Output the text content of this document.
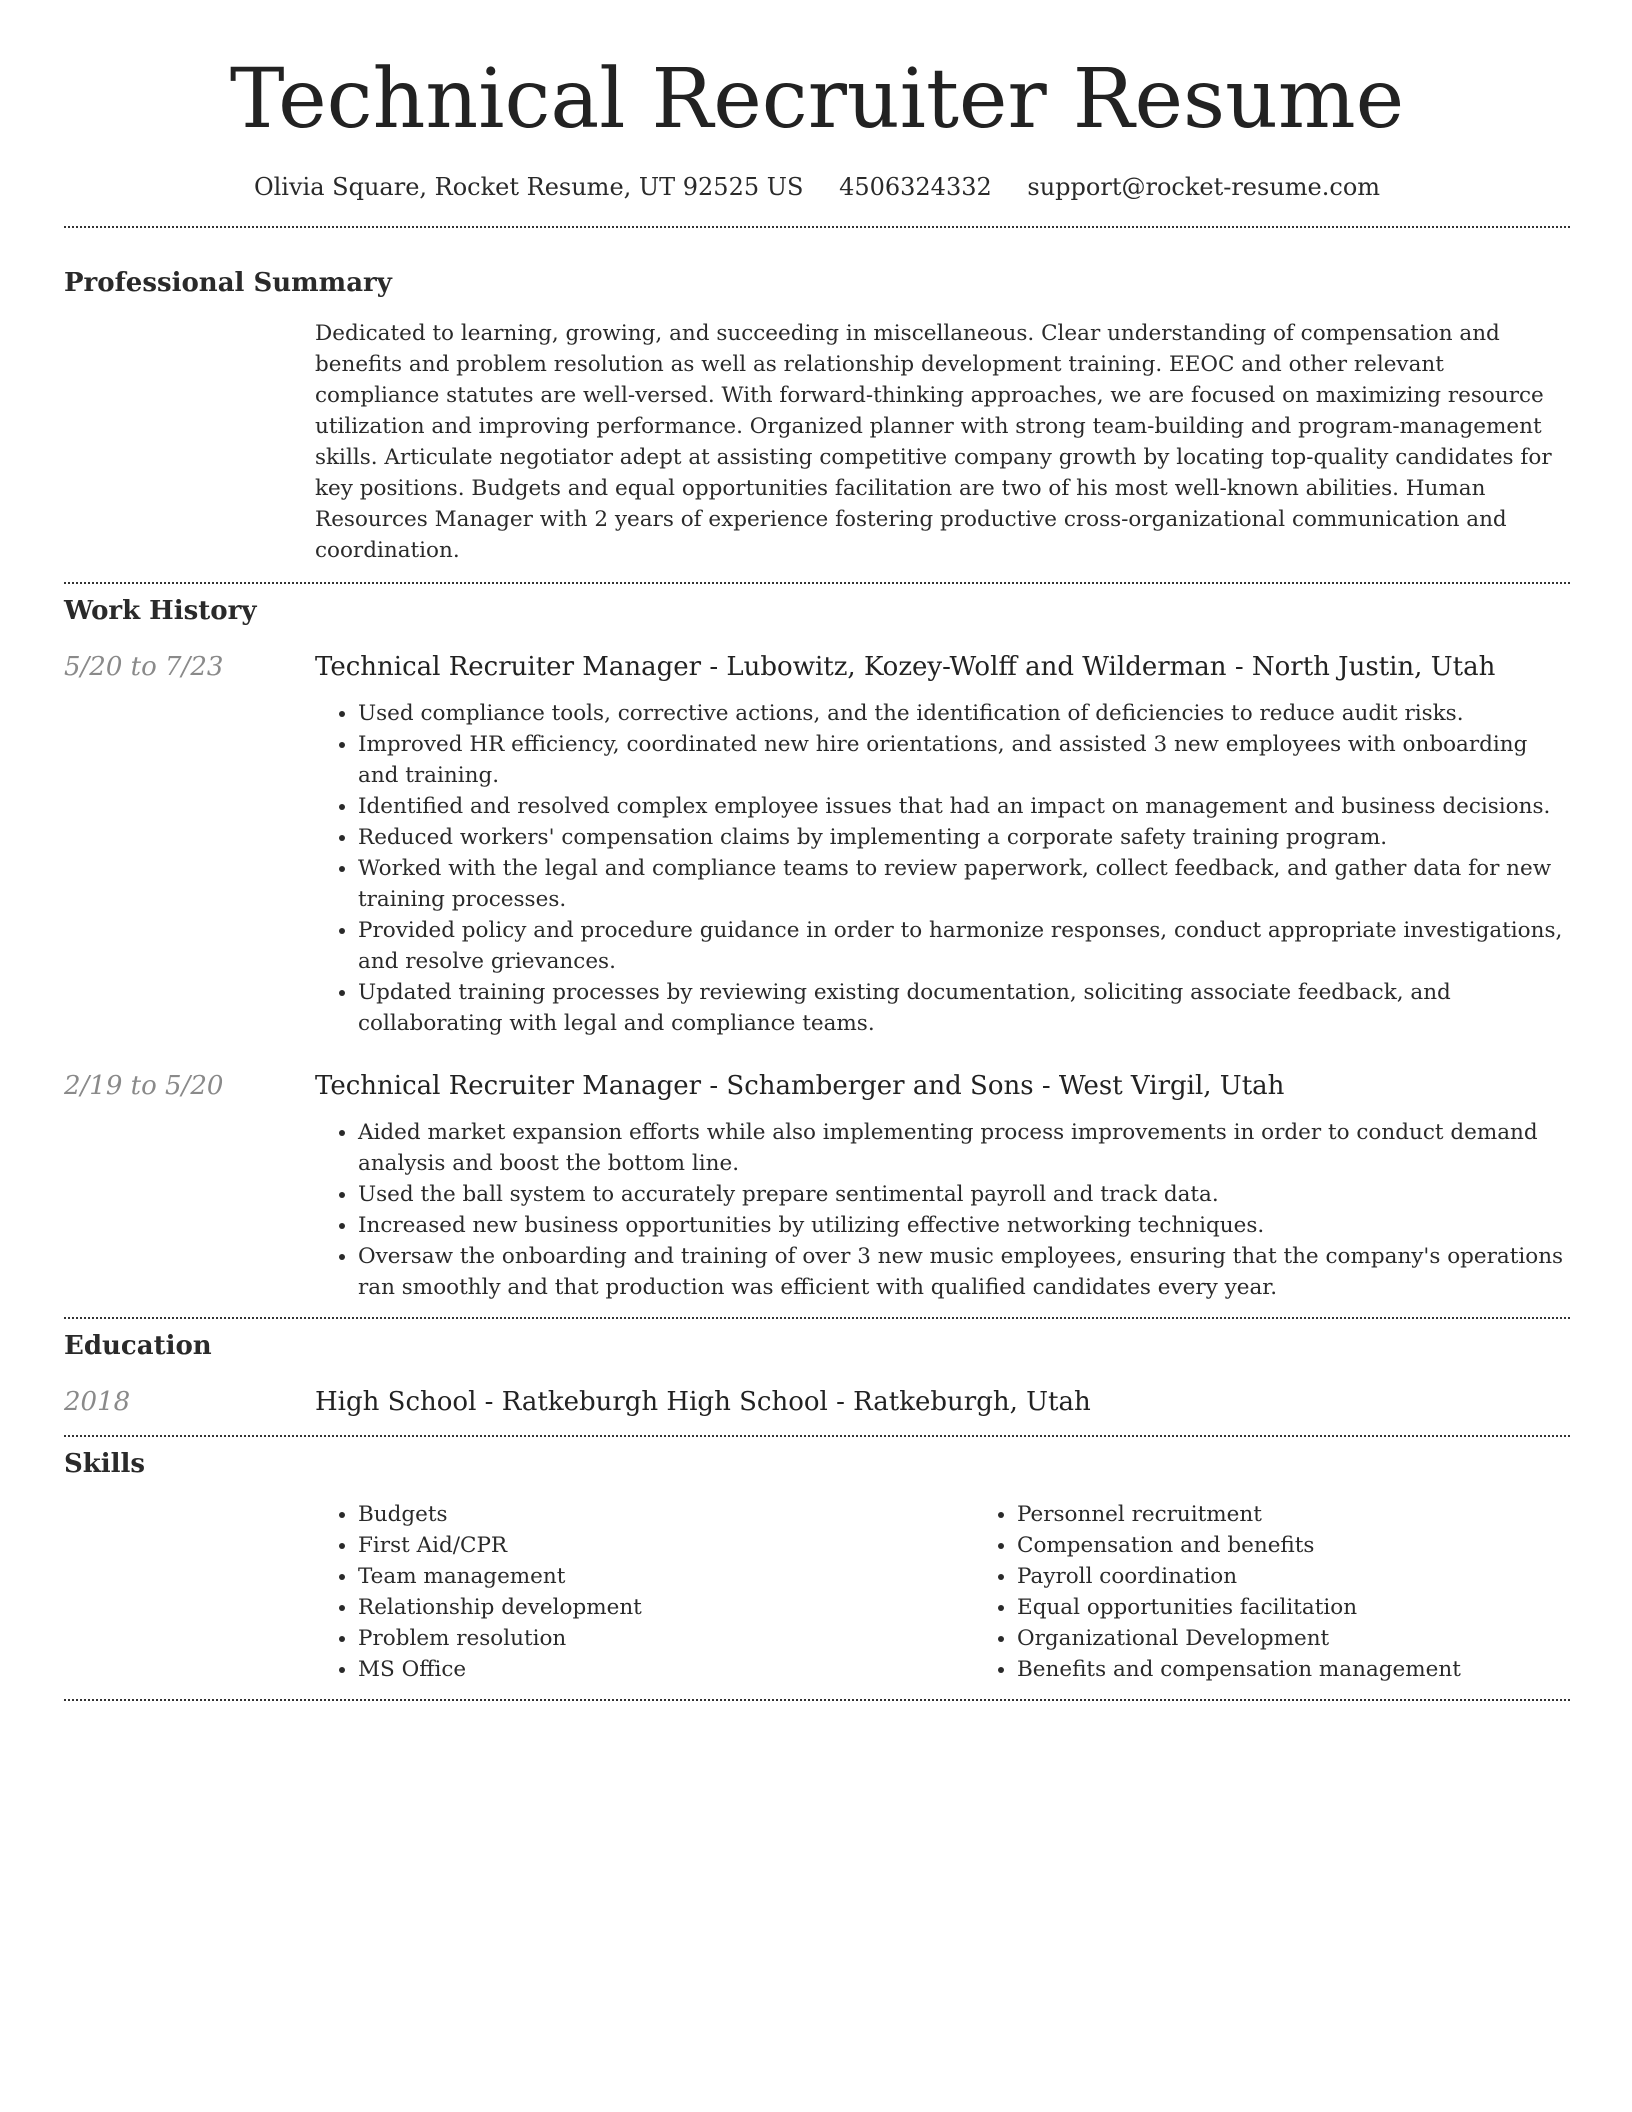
Technical Recruiter Resume
Olivia Square, Rocket Resume, UT 92525 US 4506324332 support@rocket-resume.com
Professional Summary
Dedicated to learning, growing, and succeeding in miscellaneous. Clear understanding of compensation and benefits and problem resolution as well as relationship development training. EEOC and other relevant compliance statutes are well-versed. With forward-thinking approaches, we are focused on maximizing resource utilization and improving performance. Organized planner with strong team-building and program-management skills. Articulate negotiator adept at assisting competitive company growth by locating top-quality candidates for key positions. Budgets and equal opportunities facilitation are two of his most well-known abilities. Human Resources Manager with 2 years of experience fostering productive cross-organizational communication and coordination.
Work History
5/20 to 7/23	Technical Recruiter Manager - Lubowitz, Kozey-Wolff and Wilderman - North Justin, Utah
• Used compliance tools, corrective actions, and the identification of deficiencies to reduce audit risks.
• Improved HR efficiency, coordinated new hire orientations, and assisted 3 new employees with onboarding and training.
• Identified and resolved complex employee issues that had an impact on management and business decisions.
• Reduced workers' compensation claims by implementing a corporate safety training program.
• Worked with the legal and compliance teams to review paperwork, collect feedback, and gather data for new training processes.
• Provided policy and procedure guidance in order to harmonize responses, conduct appropriate investigations, and resolve grievances.
• Updated training processes by reviewing existing documentation, soliciting associate feedback, and collaborating with legal and compliance teams.
2/19 to 5/20	Technical Recruiter Manager - Schamberger and Sons - West Virgil, Utah
• Aided market expansion efforts while also implementing process improvements in order to conduct demand analysis and boost the bottom line.
• Used the ball system to accurately prepare sentimental payroll and track data.
• Increased new business opportunities by utilizing effective networking techniques.
• Oversaw the onboarding and training of over 3 new music employees, ensuring that the company's operations ran smoothly and that production was efficient with qualified candidates every year.
Education
2018	High School - Ratkeburgh High School - Ratkeburgh, Utah
Skills
• Budgets
• First Aid/CPR
• Team management
• Relationship development
• Problem resolution
• MS Office
• Personnel recruitment
• Compensation and benefits
• Payroll coordination
• Equal opportunities facilitation
• Organizational Development
• Benefits and compensation management
